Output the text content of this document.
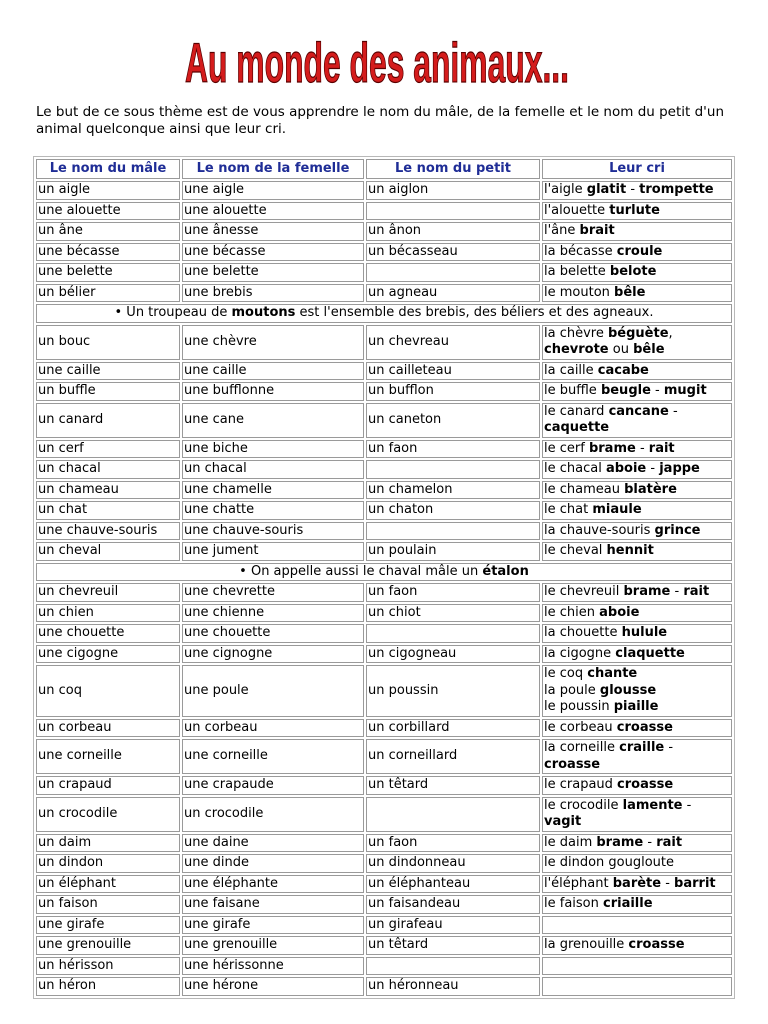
Au monde des animaux...
Le but de ce sous thème est de vous apprendre le nom du mâle, de la femelle et le nom du petit d'un animal quelconque ainsi que leur cri.
Le nom du mâle	Le nom de la femelle	Le nom du petit	Leur cri
un aigle	une aigle	un aiglon	l'aigle glatit - trompette
une alouette	une alouette		l'alouette turlute
un âne	une ânesse	un ânon	l'âne brait
une bécasse	une bécasse	un bécasseau	la bécasse croule
une belette	une belette		la belette belote
un bélier	une brebis	un agneau	le mouton bêle
• Un troupeau de moutons est l'ensemble des brebis, des béliers et des agneaux.			
un bouc	une chèvre	un chevreau	la chèvre béguète,
chevrote ou bêle
une caille	une caille	un cailleteau	la caille cacabe
un buffle	une bufflonne	un bufflon	le buffle beugle - mugit
un canard	une cane	un caneton	le canard cancane -
caquette
un cerf	une biche	un faon	le cerf brame - rait
un chacal	un chacal		le chacal aboie - jappe
un chameau	une chamelle	un chamelon	le chameau blatère
un chat	une chatte	un chaton	le chat miaule
une chauve-souris	une chauve-souris		la chauve-souris grince
un cheval	une jument	un poulain	le cheval hennit
• On appelle aussi le chaval mâle un étalon			
un chevreuil	une chevrette	un faon	le chevreuil brame - rait
un chien	une chienne	un chiot	le chien aboie
une chouette	une chouette		la chouette hulule
une cigogne	une cignogne	un cigogneau	la cigogne claquette
un coq	une poule	un poussin	le coq chante
la poule glousse
le poussin piaille
un corbeau	un corbeau	un corbillard	le corbeau croasse
une corneille	une corneille	un corneillard	la corneille craille -
croasse
un crapaud	une crapaude	un têtard	le crapaud croasse
un crocodile	un crocodile		le crocodile lamente - vagit
un daim	une daine	un faon	le daim brame - rait
un dindon	une dinde	un dindonneau	le dindon gougloute
un éléphant	une éléphante	un éléphanteau	l'éléphant barète - barrit
un faison	une faisane	un faisandeau	le faison criaille
une girafe	une girafe	un girafeau	
une grenouille	une grenouille	un têtard	la grenouille croasse
un hérisson	une hérissonne		
un héron	une hérone	un héronneau	
